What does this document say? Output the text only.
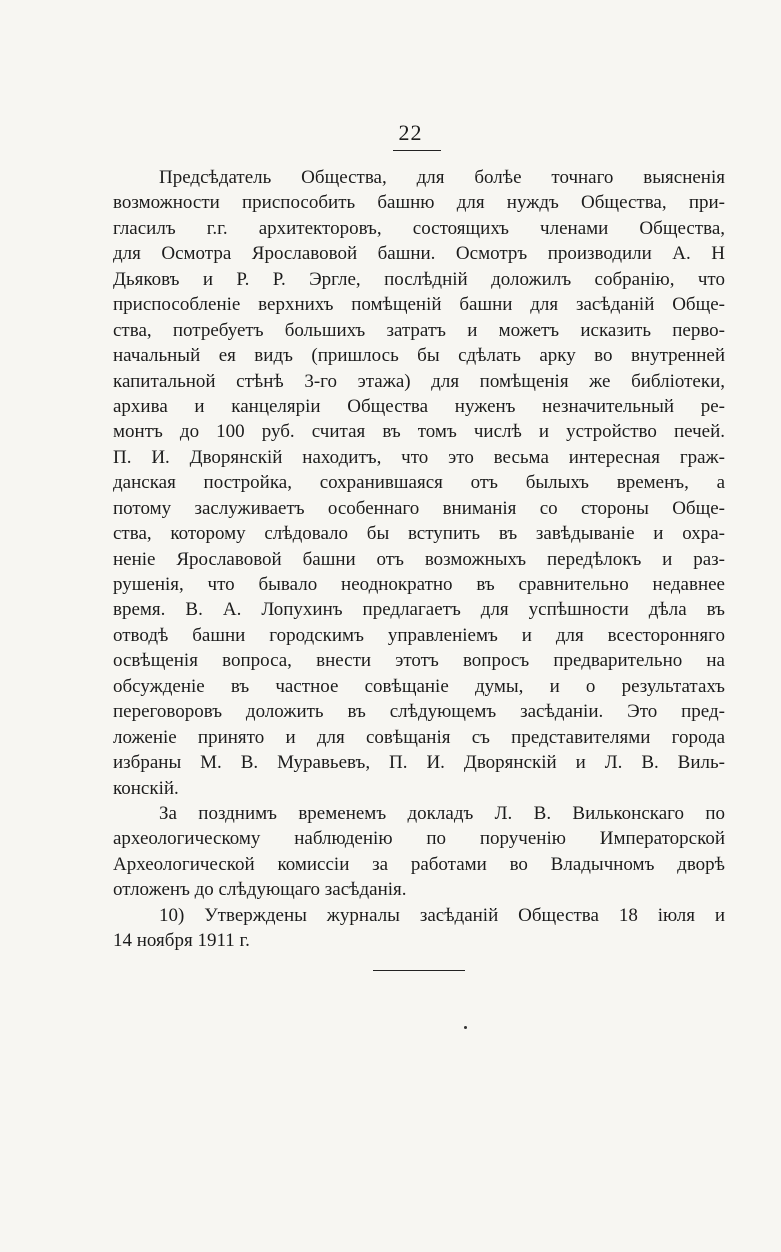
22
Предсѣдатель Общества, для болѣе точнаго выясненія
возможности приспособить башню для нуждъ Общества, при-
гласилъ г.г. архитекторовъ, состоящихъ членами Общества,
для Осмотра Ярославовой башни. Осмотръ производили А. Н
Дьяковъ и Р. Р. Эргле, послѣднiй доложилъ собранiю, что
приспособленiе верхнихъ помѣщенiй башни для засѣданiй Обще-
ства, потребуетъ большихъ затратъ и можетъ исказить перво-
начальный ея видъ (пришлось бы сдѣлать арку во внутренней
капитальной стѣнѣ 3-го этажа) для помѣщенiя же библiотеки,
архива и канцелярiи Общества нуженъ незначительный ре-
монтъ до 100 руб. считая въ томъ числѣ и устройство печей.
П. И. Дворянскiй находитъ, что это весьма интересная граж-
данская постройка, сохранившаяся отъ былыхъ временъ, а
потому заслуживаетъ особеннаго вниманiя со стороны Обще-
ства, которому слѣдовало бы вступить въ завѣдыванiе и охра-
ненiе Ярославовой башни отъ возможныхъ передѣлокъ и раз-
рушенiя, что бывало неоднократно въ сравнительно недавнее
время. В. А. Лопухинъ предлагаетъ для успѣшности дѣла въ
отводѣ башни городскимъ управленiемъ и для всесторонняго
освѣщенiя вопроса, внести этотъ вопросъ предварительно на
обсужденiе въ частное совѣщанiе думы, и о результатахъ
переговоровъ доложить въ слѣдующемъ засѣданiи. Это пред-
ложенiе принято и для совѣщанiя съ представителями города
избраны М. В. Муравьевъ, П. И. Дворянскiй и Л. В. Виль-
конскiй.
За позднимъ временемъ докладъ Л. В. Вильконскаго по
археологическому наблюденiю по порученiю Императорской
Археологической комиссiи за работами во Владычномъ дворѣ
отложенъ до слѣдующаго засѣданiя.
10) Утверждены журналы засѣданiй Общества 18 iюля и
14 ноября 1911 г.
